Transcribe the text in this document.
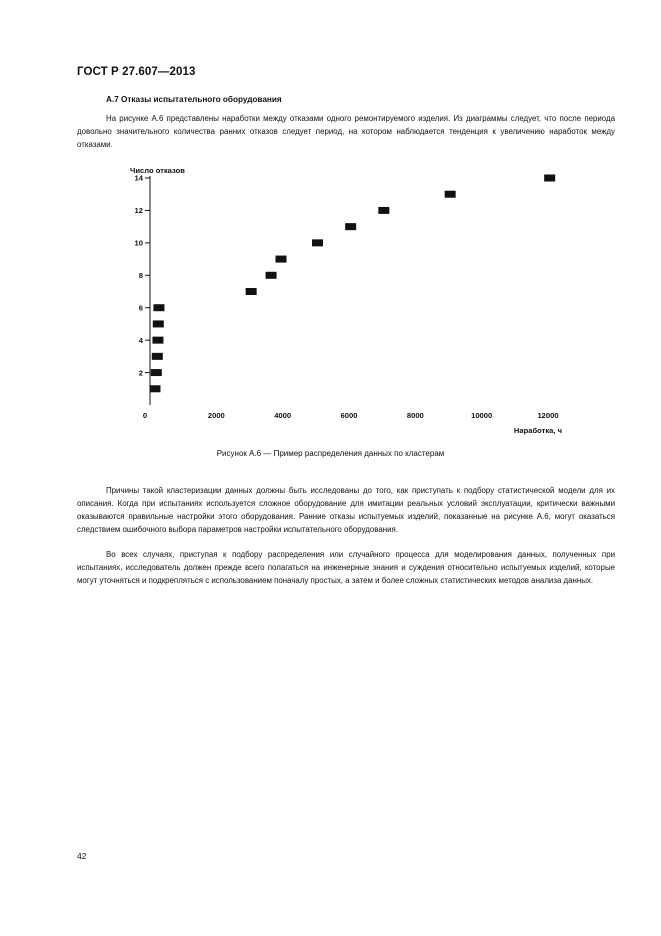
ГОСТ Р 27.607—2013
А.7 Отказы испытательного оборудования

На рисунке А.6 представлены наработки между отказами одного ремонтируемого изделия. Из диаграммы следует, что после периода довольно значительного количества ранних отказов следует период, на котором наблюдается тенденция к увеличению наработок между отказами.

2
4
6
8
10
12
14
0	2000	4000	6000	8000	10000	12000
Число отказов
Наработка, ч
Рисунок А.6 — Пример распределения данных по кластерам

Причины такой кластеризации данных должны быть исследованы до того, как приступать к подбору статистической модели для их описания. Когда при испытаниях используется сложное оборудование для имитации реальных условий эксплуатации, критически важными оказываются правильные настройки этого оборудования. Ранние отказы испытуемых изделий, показанные на рисунке А.6, могут оказаться следствием ошибочного выбора параметров настройки испытательного оборудования.

Во всех случаях, приступая к подбору распределения или случайного процесса для моделирования данных, полученных при испытаниях, исследователь должен прежде всего полагаться на инженерные знания и суждения относительно испытуемых изделий, которые могут уточняться и подкрепляться с использованием поначалу простых, а затем и более сложных статистических методов анализа данных.

42
